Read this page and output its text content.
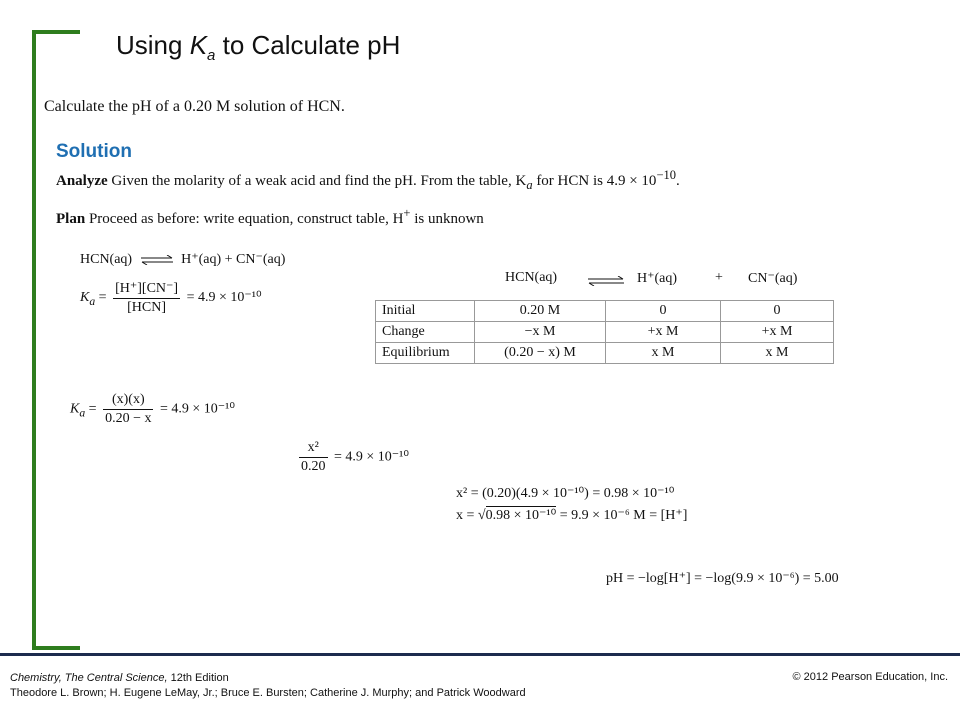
Using $K_a$ to Calculate pH
Calculate the pH of a 0.20 M solution of HCN.
Solution
Analyze Given the molarity of a weak acid and find the pH. From the table, $K_a$ for HCN is $4.9 \times 10^{-10}$.
Plan Proceed as before: write equation, construct table, H+ is unknown
HCN(aq) ⇌ H⁺(aq) + CN⁻(aq)
$K_a = \frac{[H^+][CN^-]}{\text{[HCN]}} = 4.9 \times 10^{-10}$
HCN(aq)	H⁺(aq)	+ CN⁻(aq)
Initial	0.20 M	0	0
Change	−x M	+x M	+x M
Equilibrium	(0.20 − x) M	x M	x M
$K_a = \frac{(x)(x)}{0.20 - x} = 4.9 \times 10^{-10}$
$\frac{\text{x²}}{0.20} = 4.9 \times 10^{-10}$
x² = (0.20)(4.9 × 10⁻¹⁰) = 0.98 × 10⁻¹⁰
x = √0.98 × 10⁻¹⁰ = 9.9 × 10⁻⁶ M = [H⁺]
pH = −log[H⁺] = −log(9.9 × 10⁻⁶) = 5.00
Chemistry, The Central Science, 12th Edition
Theodore L. Brown; H. Eugene LeMay, Jr.; Bruce E. Bursten; Catherine J. Murphy; and Patrick Woodward
© 2012 Pearson Education, Inc.
